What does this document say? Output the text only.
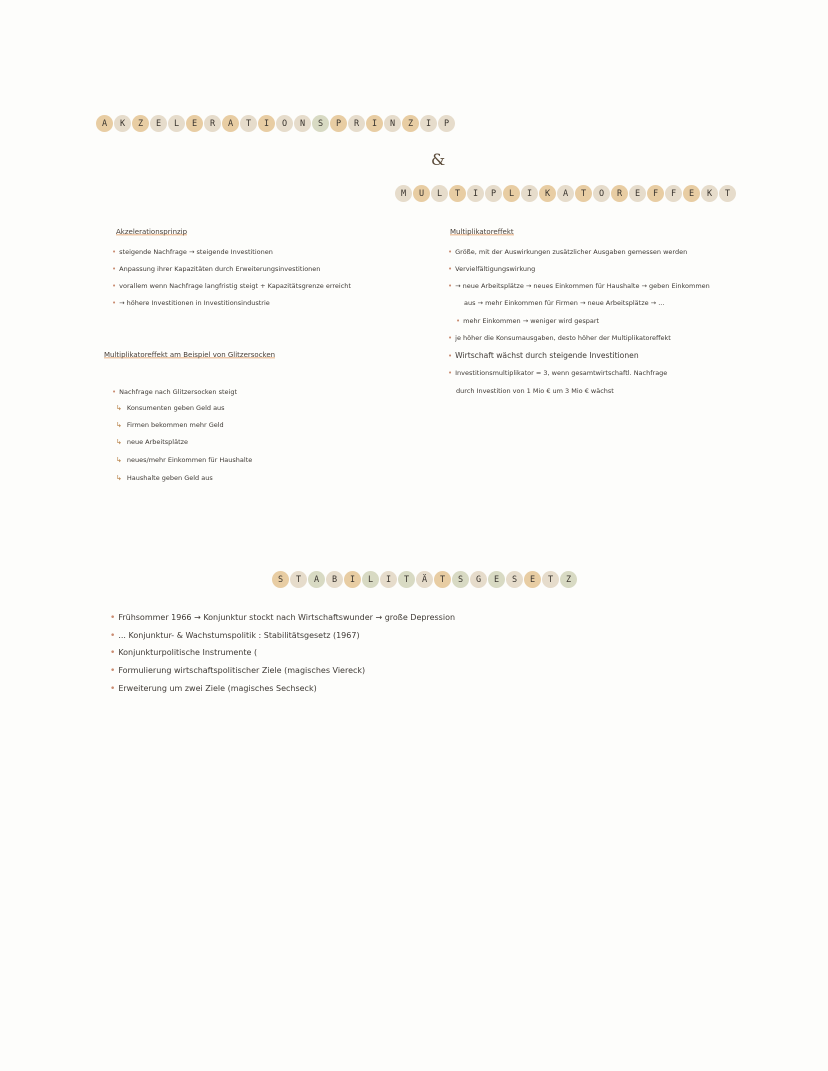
A	K	Z	E	L	E	R	A	T	I	O	N	S	P	R	I	N	Z	I	P
&
M	U	L	T	I	P	L	I	K	A	T	O	R	E	F	F	E	K	T
S	T	A	B	I	L	I	T	Ä	T	S	G	E	S	E	T	Z
Akzelerationsprinzip
• steigende Nachfrage → steigende Investitionen
• Anpassung ihrer Kapazitäten durch Erweiterungsinvestitionen
• vorallem wenn Nachfrage langfristig steigt + Kapazitätsgrenze erreicht
• → höhere Investitionen in Investitionsindustrie
Multiplikatoreffekt am Beispiel von Glitzersocken
• Nachfrage nach Glitzersocken steigt
↳ Konsumenten geben Geld aus
↳ Firmen bekommen mehr Geld
↳ neue Arbeitsplätze
↳ neues/mehr Einkommen für Haushalte
↳ Haushalte geben Geld aus
Multiplikatoreffekt
• Größe, mit der Auswirkungen zusätzlicher Ausgaben gemessen werden
• Vervielfältigungswirkung
• → neue Arbeitsplätze → neues Einkommen für Haushalte → geben Einkommen
aus → mehr Einkommen für Firmen → neue Arbeitsplätze → ...
• mehr Einkommen → weniger wird gespart
• je höher die Konsumausgaben, desto höher der Multiplikatoreffekt
• Wirtschaft wächst durch steigende Investitionen
• Investitionsmultiplikator = 3, wenn gesamtwirtschaftl. Nachfrage
durch Investition von 1 Mio € um 3 Mio € wächst
• Frühsommer 1966 → Konjunktur stockt nach Wirtschaftswunder → große Depression
• ... Konjunktur- & Wachstumspolitik : Stabilitätsgesetz (1967)
• Konjunkturpolitische Instrumente (
• Formulierung wirtschaftspolitischer Ziele (magisches Viereck)
• Erweiterung um zwei Ziele (magisches Sechseck)
